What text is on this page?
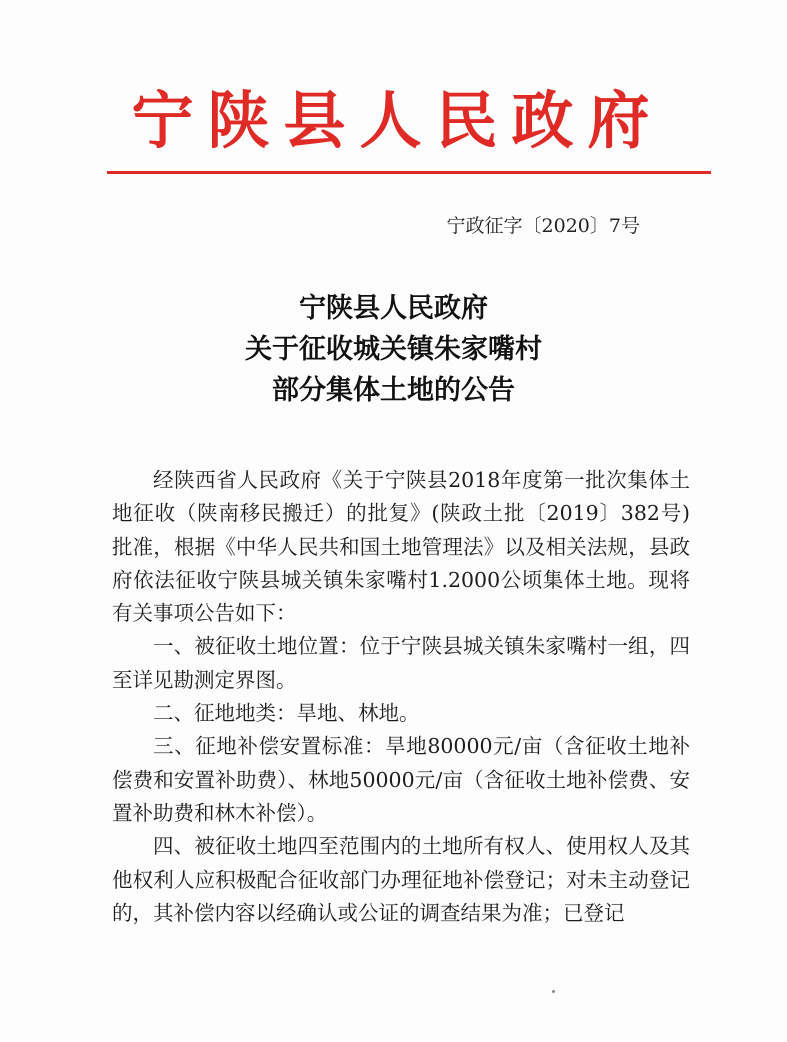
宁陕县人民政府
宁政征字〔2020〕7号
宁陕县人民政府
关于征收城关镇朱家嘴村
部分集体土地的公告

经陕西省人民政府《关于宁陕县2018年度第一批次集体土地征收（陕南移民搬迁）的批复》(陕政土批〔2019〕382号)批准，根据《中华人民共和国土地管理法》以及相关法规，县政府依法征收宁陕县城关镇朱家嘴村1.2000公顷集体土地。现将有关事项公告如下：

一、被征收土地位置：位于宁陕县城关镇朱家嘴村一组，四至详见勘测定界图。

二、征地地类：旱地、林地。

三、征地补偿安置标准：旱地80000元/亩（含征收土地补偿费和安置补助费）、林地50000元/亩（含征收土地补偿费、安置补助费和林木补偿）。

四、被征收土地四至范围内的土地所有权人、使用权人及其他权利人应积极配合征收部门办理征地补偿登记；对未主动登记的，其补偿内容以经确认或公证的调查结果为准；已登记
